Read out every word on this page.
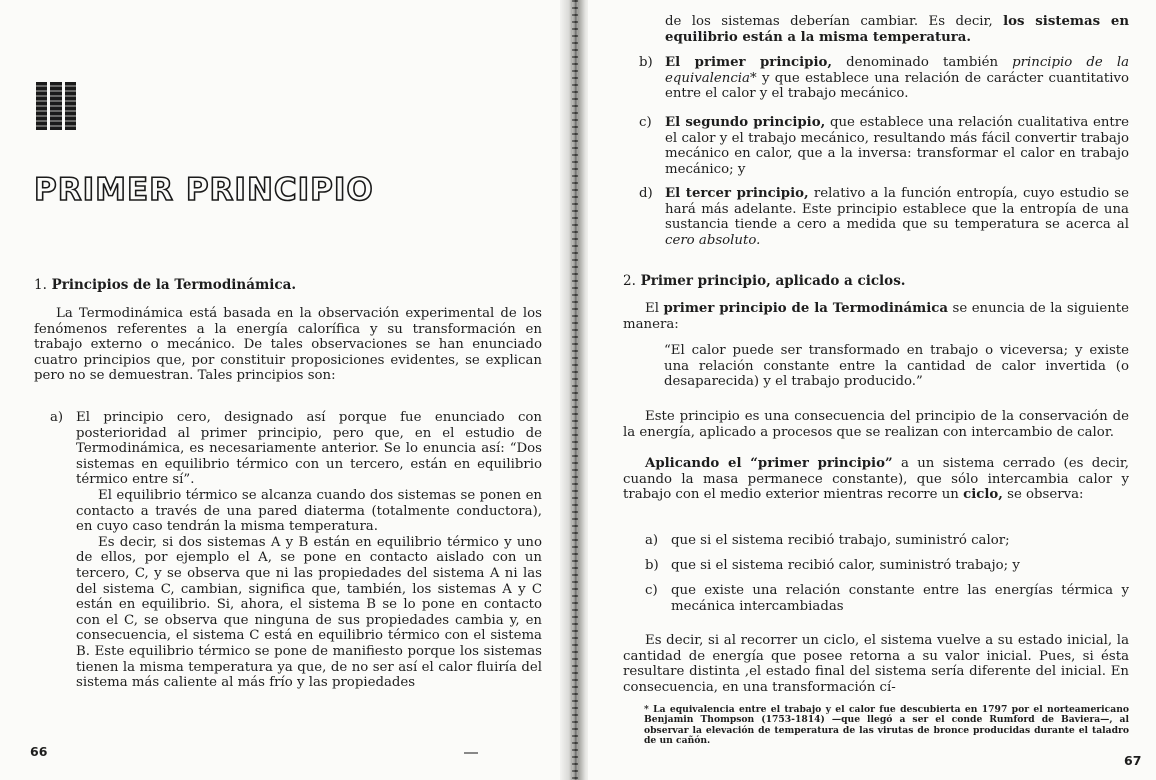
PRIMER PRINCIPIO
1. Principios de la Termodinámica.
La Termodinámica está basada en la observación experimental de los fenómenos referentes a la energía calorífica y su transformación en trabajo externo o mecánico. De tales observaciones se han enunciado cuatro principios que, por constituir proposiciones evidentes, se explican pero no se demuestran. Tales principios son:
a) El principio cero, designado así porque fue enunciado con posterioridad al primer principio, pero que, en el estudio de Termodinámica, es necesariamente anterior. Se lo enuncia así: “Dos sistemas en equilibrio térmico con un tercero, están en equilibrio térmico entre sí”.

El equilibrio térmico se alcanza cuando dos sistemas se ponen en contacto a través de una pared diaterma (totalmente conductora), en cuyo caso tendrán la misma temperatura.

Es decir, si dos sistemas A y B están en equilibrio térmico y uno de ellos, por ejemplo el A, se pone en contacto aislado con un tercero, C, y se observa que ni las propiedades del sistema A ni las del sistema C, cambian, significa que, también, los sistemas A y C están en equilibrio. Si, ahora, el sistema B se lo pone en contacto con el C, se observa que ninguna de sus propiedades cambia y, en consecuencia, el sistema C está en equilibrio térmico con el sistema B. Este equilibrio térmico se pone de manifiesto porque los sistemas tienen la misma temperatura ya que, de no ser así el calor fluiría del sistema más caliente al más frío y las propiedades

66
de los sistemas deberían cambiar. Es decir, los sistemas en equilibrio están a la misma temperatura.
b) El primer principio, denominado también principio de la equivalencia* y que establece una relación de carácter cuantitativo entre el calor y el trabajo mecánico.
c) El segundo principio, que establece una relación cualitativa entre el calor y el trabajo mecánico, resultando más fácil convertir trabajo mecánico en calor, que a la inversa: transformar el calor en trabajo mecánico; y
d) El tercer principio, relativo a la función entropía, cuyo estudio se hará más adelante. Este principio establece que la entropía de una sustancia tiende a cero a medida que su temperatura se acerca al cero absoluto.
2. Primer principio, aplicado a ciclos.
El primer principio de la Termodinámica se enuncia de la siguiente manera:
“El calor puede ser transformado en trabajo o viceversa; y existe una relación constante entre la cantidad de calor invertida (o desaparecida) y el trabajo producido.”
Este principio es una consecuencia del principio de la conservación de la energía, aplicado a procesos que se realizan con intercambio de calor.
Aplicando el “primer principio” a un sistema cerrado (es decir, cuando la masa permanece constante), que sólo intercambia calor y trabajo con el medio exterior mientras recorre un ciclo, se observa:
a) que si el sistema recibió trabajo, suministró calor;
b) que si el sistema recibió calor, suministró trabajo; y
c) que existe una relación constante entre las energías térmica y mecánica intercambiadas
Es decir, si al recorrer un ciclo, el sistema vuelve a su estado inicial, la cantidad de energía que posee retorna a su valor inicial. Pues, si ésta resultare distinta ,el estado final del sistema sería diferente del inicial. En consecuencia, en una transformación cí-
* La equivalencia entre el trabajo y el calor fue descubierta en 1797 por el norteamericano Benjamin Thompson (1753-1814) —que llegó a ser el conde Rumford de Baviera—, al observar la elevación de temperatura de las virutas de bronce producidas durante el taladro de un cañón.
67
